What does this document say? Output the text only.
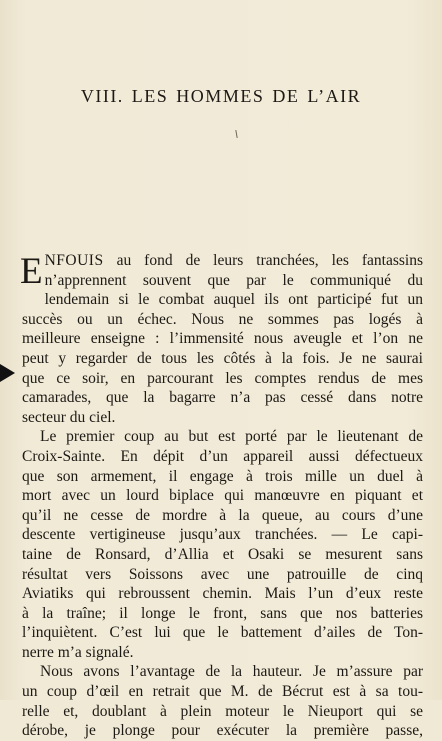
VIII. LES HOMMES DE L’AIR
E NFOUIS au fond de leurs tranchées, les fantassins
n’apprennent souvent que par le communiqué du
lendemain si le combat auquel ils ont participé fut un
succès ou un échec. Nous ne sommes pas logés à
meilleure enseigne : l’immensité nous aveugle et l’on ne
peut y regarder de tous les côtés à la fois. Je ne saurai
que ce soir, en parcourant les comptes rendus de mes
camarades, que la bagarre n’a pas cessé dans notre
secteur du ciel.
Le premier coup au but est porté par le lieutenant de
Croix-Sainte. En dépit d’un appareil aussi défectueux
que son armement, il engage à trois mille un duel à
mort avec un lourd biplace qui manœuvre en piquant et
qu’il ne cesse de mordre à la queue, au cours d’une
descente vertigineuse jusqu’aux tranchées. — Le capi-
taine de Ronsard, d’Allia et Osaki se mesurent sans
résultat vers Soissons avec une patrouille de cinq
Aviatiks qui rebroussent chemin. Mais l’un d’eux reste
à la traîne; il longe le front, sans que nos batteries
l’inquiètent. C’est lui que le battement d’ailes de Ton-
nerre m’a signalé.
Nous avons l’avantage de la hauteur. Je m’assure par
un coup d’œil en retrait que M. de Bécrut est à sa tou-
relle et, doublant à plein moteur le Nieuport qui se
dérobe, je plonge pour exécuter la première passe,
